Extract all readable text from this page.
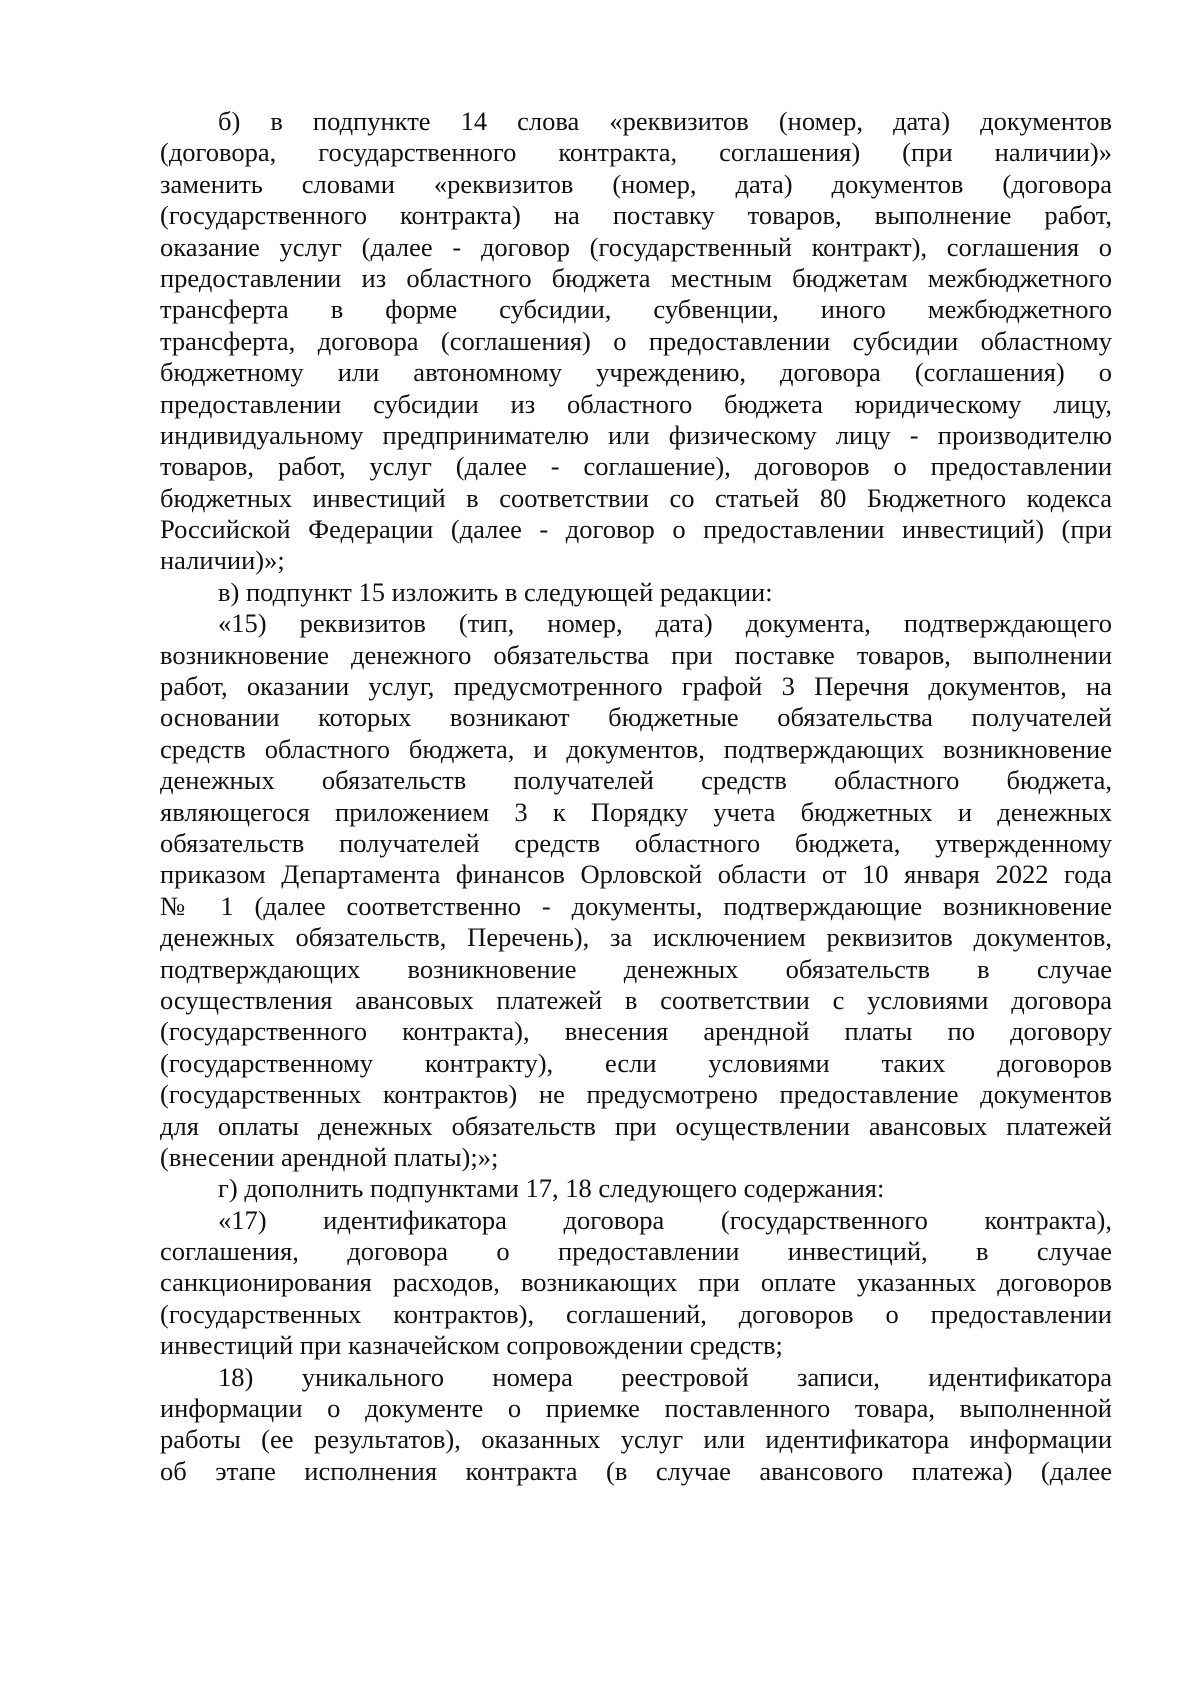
б) в подпункте 14 слова «реквизитов (номер, дата) документов
(договора, государственного контракта, соглашения) (при наличии)»
заменить словами «реквизитов (номер, дата) документов (договора
(государственного контракта) на поставку товаров, выполнение работ,
оказание услуг (далее - договор (государственный контракт), соглашения о
предоставлении из областного бюджета местным бюджетам межбюджетного
трансферта в форме субсидии, субвенции, иного межбюджетного
трансферта, договора (соглашения) о предоставлении субсидии областному
бюджетному или автономному учреждению, договора (соглашения) о
предоставлении субсидии из областного бюджета юридическому лицу,
индивидуальному предпринимателю или физическому лицу - производителю
товаров, работ, услуг (далее - соглашение), договоров о предоставлении
бюджетных инвестиций в соответствии со статьей 80 Бюджетного кодекса
Российской Федерации (далее - договор о предоставлении инвестиций) (при
наличии)»;
в) подпункт 15 изложить в следующей редакции:
«15) реквизитов (тип, номер, дата) документа, подтверждающего
возникновение денежного обязательства при поставке товаров, выполнении
работ, оказании услуг, предусмотренного графой 3 Перечня документов, на
основании которых возникают бюджетные обязательства получателей
средств областного бюджета, и документов, подтверждающих возникновение
денежных обязательств получателей средств областного бюджета,
являющегося приложением 3 к Порядку учета бюджетных и денежных
обязательств получателей средств областного бюджета, утвержденному
приказом Департамента финансов Орловской области от 10 января 2022 года
№ 1 (далее соответственно - документы, подтверждающие возникновение
денежных обязательств, Перечень), за исключением реквизитов документов,
подтверждающих возникновение денежных обязательств в случае
осуществления авансовых платежей в соответствии с условиями договора
(государственного контракта), внесения арендной платы по договору
(государственному контракту), если условиями таких договоров
(государственных контрактов) не предусмотрено предоставление документов
для оплаты денежных обязательств при осуществлении авансовых платежей
(внесении арендной платы);»;
г) дополнить подпунктами 17, 18 следующего содержания:
«17) идентификатора договора (государственного контракта),
соглашения, договора о предоставлении инвестиций, в случае
санкционирования расходов, возникающих при оплате указанных договоров
(государственных контрактов), соглашений, договоров о предоставлении
инвестиций при казначейском сопровождении средств;
18) уникального номера реестровой записи, идентификатора
информации о документе о приемке поставленного товара, выполненной
работы (ее результатов), оказанных услуг или идентификатора информации
об этапе исполнения контракта (в случае авансового платежа) (далее
